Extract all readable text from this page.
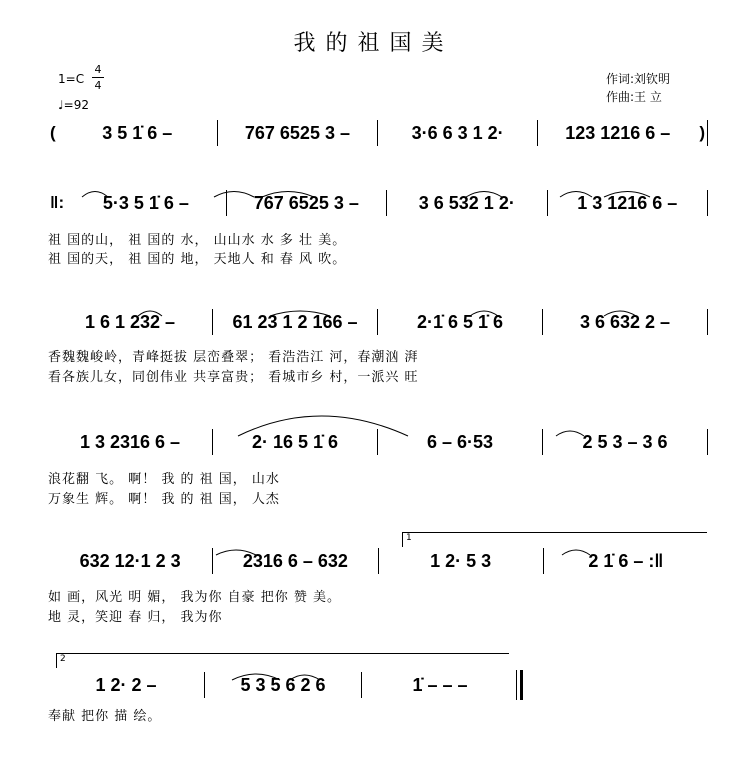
我的祖国美
1=C
4
4
♩=92
作词:刘钦明
作曲:王 立
(	3 5 1̇ 6 –	767 6525 3 –	3·6 6 3 1 2·	123 1216 6 –	)
‖:	5·3 5 1̇ 6 –	767 6525 3 –	3 6 532 1 2·	1 3 1216 6 –
祖 国的山， 祖 国的 水， 山山水 水 多 壮 美。
祖 国的天， 祖 国的 地， 天地人 和 春 风 吹。
1 6 1 232 –	61 23 1 2 166 –	2·1̇ 6 5 1̇ 6	3 6 632 2 –
香魏魏峻岭，青峰挺拔 层峦叠翠； 看浩浩江 河，春潮汹 湃
看各族儿女，同创伟业 共享富贵； 看城市乡 村，一派兴 旺
1 3 2316 6 –	2· 16 5 1̇ 6	6 – 6·53	2 5 3 – 3 6
浪花翻 飞。 啊！ 我 的 祖 国， 山水
万象生 辉。 啊！ 我 的 祖 国， 人杰
1
632 12·1 2 3	2316 6 – 632	1 2· 5 3	2 1̇ 6 – :‖
如 画，风光 明 媚， 我为你 自豪 把你 赞 美。
地 灵，笑迎 春 归， 我为你
2
1 2· 2 –	5 3 5 6 2 6	1̇ – – –
奉献 把你 描 绘。
